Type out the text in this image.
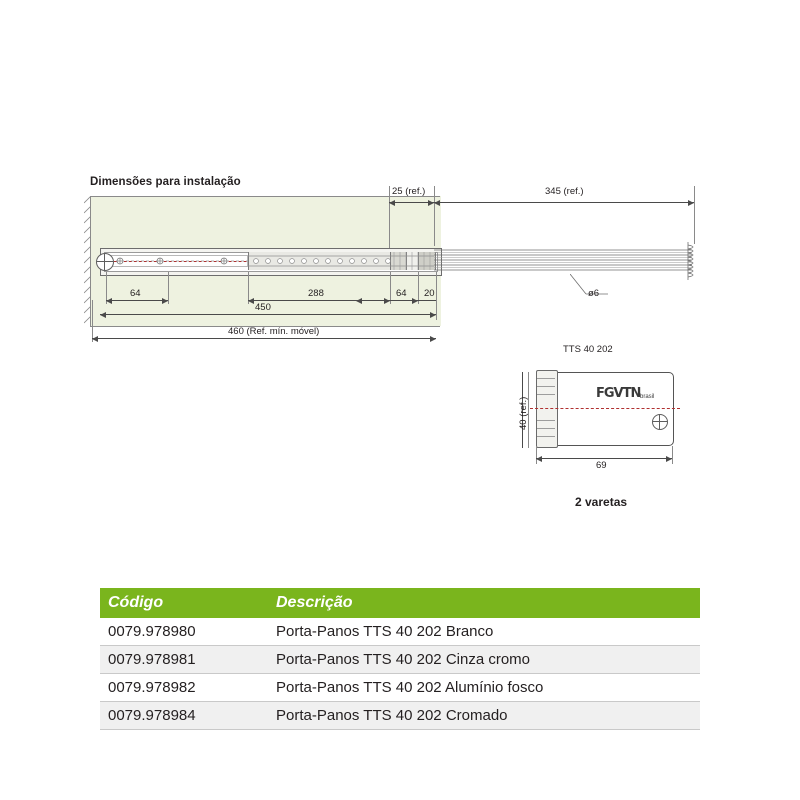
Dimensões para instalação
ø6
25 (ref.)	345 (ref.)
64	288	64 20
450
460 (Ref. mín. móvel)
TTS 40 202
FGVTN brasil
40 (ref.)
69
2 varetas
Código	Descrição
0079.978980	Porta-Panos TTS 40 202 Branco
0079.978981	Porta-Panos TTS 40 202 Cinza cromo
0079.978982	Porta-Panos TTS 40 202 Alumínio fosco
0079.978984	Porta-Panos TTS 40 202 Cromado
